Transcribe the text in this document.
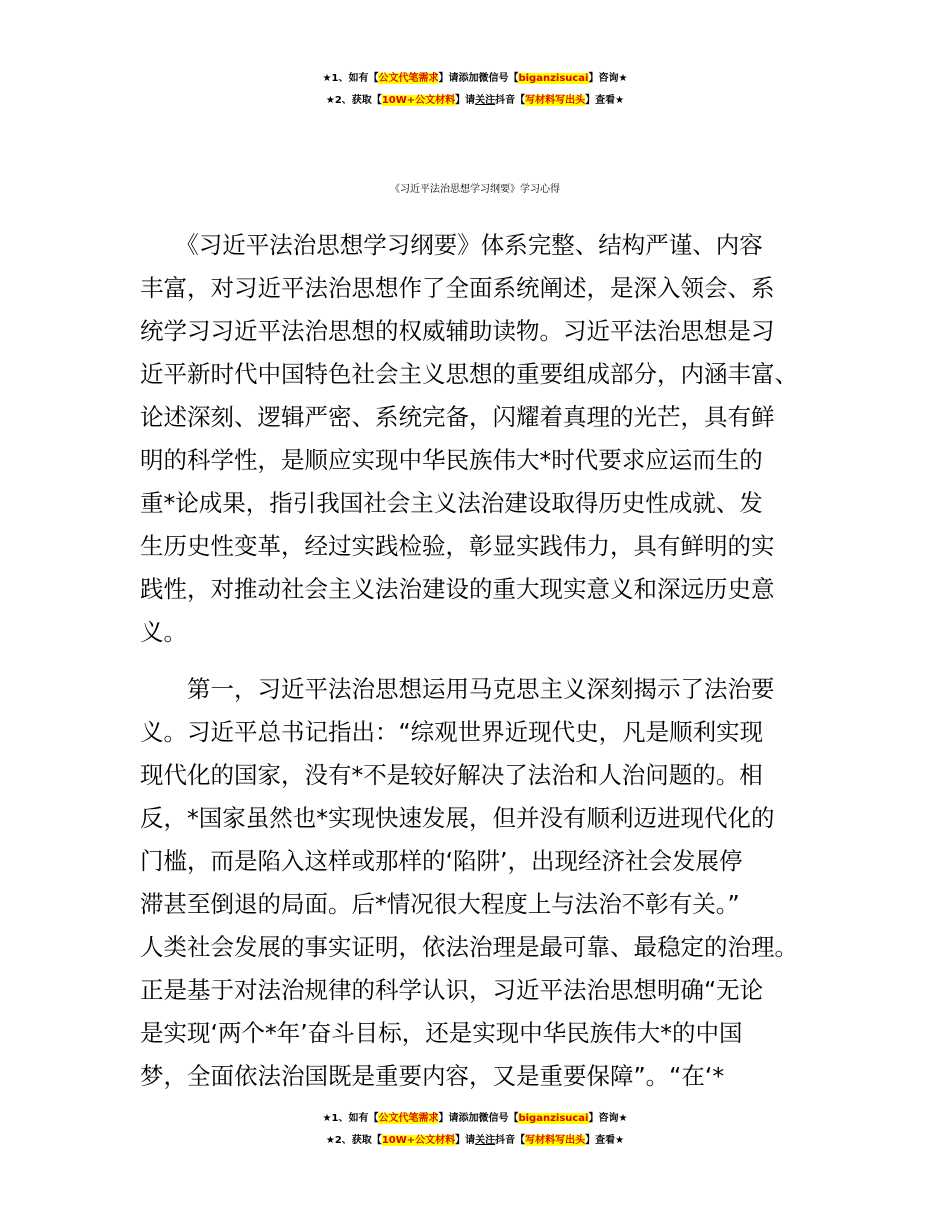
★1、如有【公文代笔需求】请添加微信号【biganzisucai】咨询★
★2、获取【10W+公文材料】请关注抖音【写材料写出头】查看★
《习近平法治思想学习纲要》学习心得
　　《习近平法治思想学习纲要》体系完整、结构严谨、内容
丰富，对习近平法治思想作了全面系统阐述，是深入领会、系
统学习习近平法治思想的权威辅助读物。习近平法治思想是习
近平新时代中国特色社会主义思想的重要组成部分，内涵丰富、
论述深刻、逻辑严密、系统完备，闪耀着真理的光芒，具有鲜
明的科学性，是顺应实现中华民族伟大*时代要求应运而生的
重*论成果，指引我国社会主义法治建设取得历史性成就、发
生历史性变革，经过实践检验，彰显实践伟力，具有鲜明的实
践性，对推动社会主义法治建设的重大现实意义和深远历史意
义。
　　第一，习近平法治思想运用马克思主义深刻揭示了法治要
义。习近平总书记指出：“综观世界近现代史，凡是顺利实现
现代化的国家，没有*不是较好解决了法治和人治问题的。相
反，*国家虽然也*实现快速发展，但并没有顺利迈进现代化的
门槛，而是陷入这样或那样的‘陷阱’，出现经济社会发展停
滞甚至倒退的局面。后*情况很大程度上与法治不彰有关。”
人类社会发展的事实证明，依法治理是最可靠、最稳定的治理。
正是基于对法治规律的科学认识，习近平法治思想明确“无论
是实现‘两个*年’奋斗目标，还是实现中华民族伟大*的中国
梦，全面依法治国既是重要内容，又是重要保障”。“在‘*
★1、如有【公文代笔需求】请添加微信号【biganzisucai】咨询★
★2、获取【10W+公文材料】请关注抖音【写材料写出头】查看★
